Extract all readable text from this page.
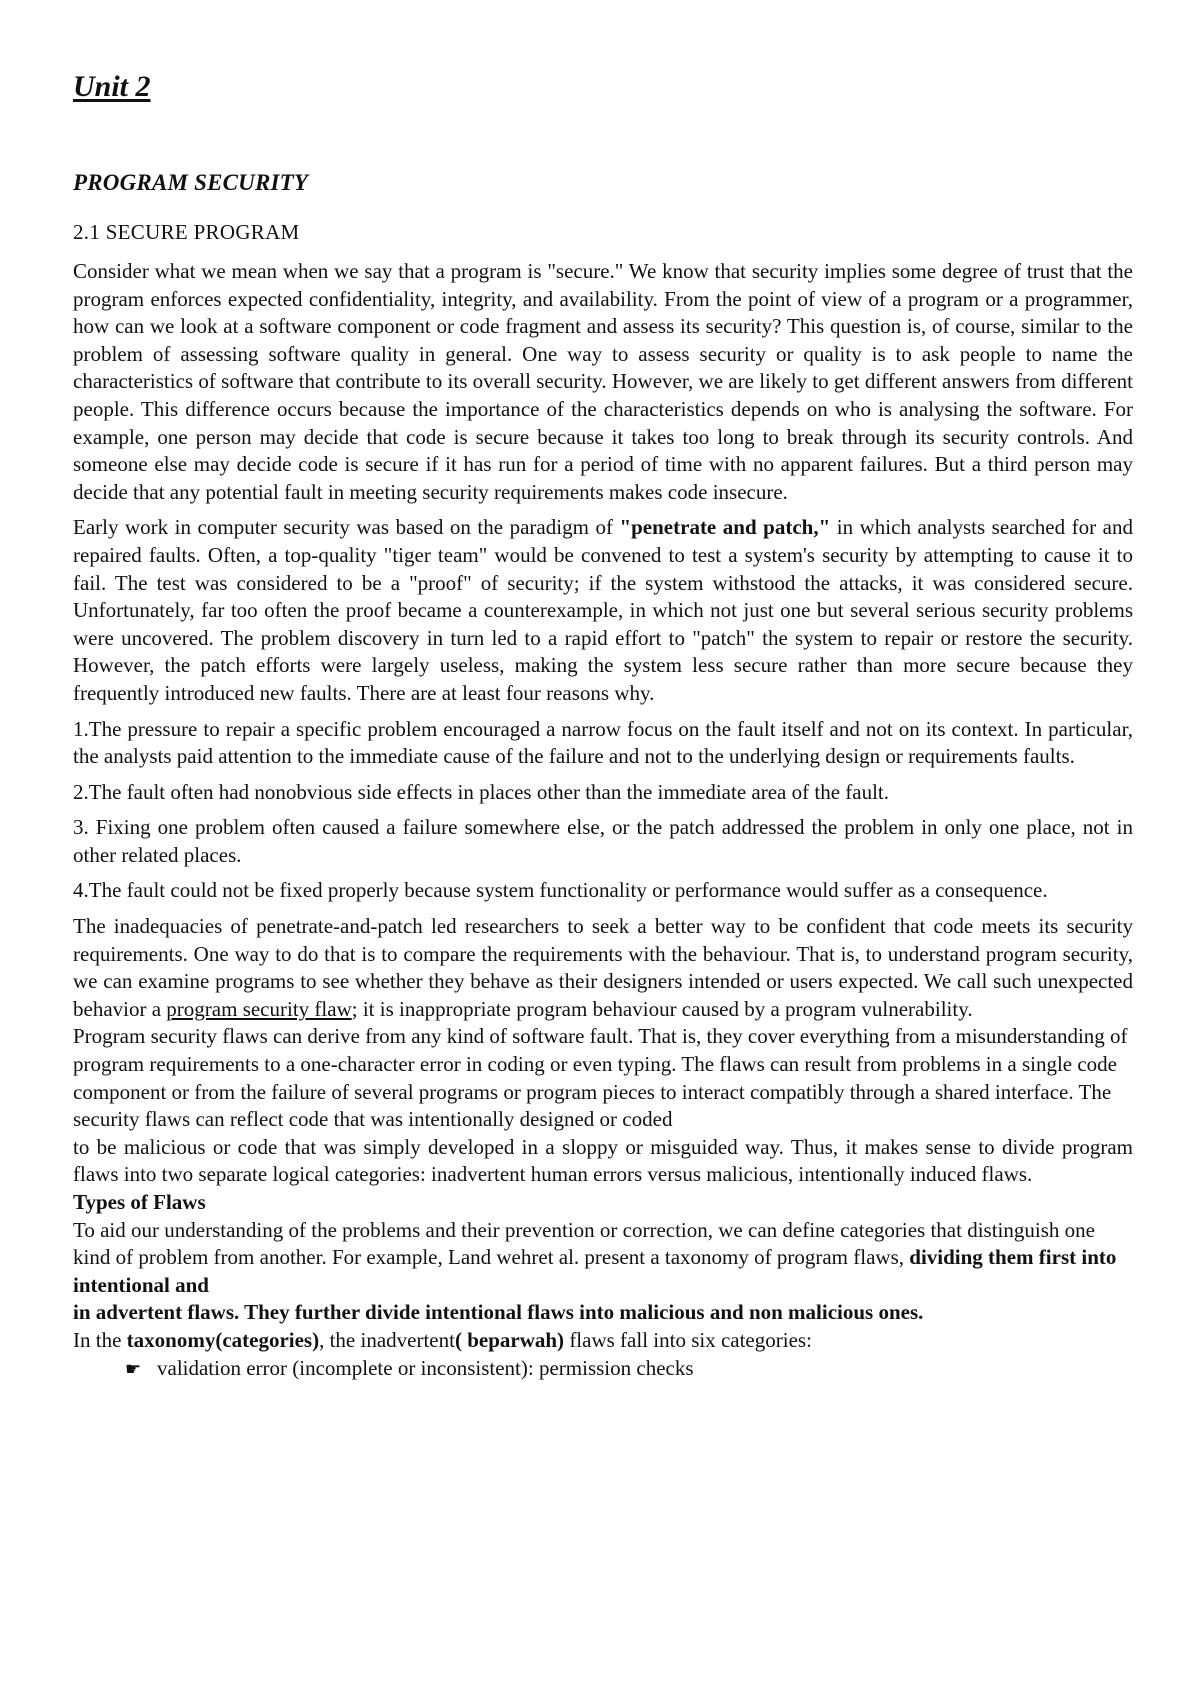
Unit 2
PROGRAM SECURITY
2.1 SECURE PROGRAM

Consider what we mean when we say that a program is "secure." We know that security implies some degree of trust that the program enforces expected confidentiality, integrity, and availability. From the point of view of a program or a programmer, how can we look at a software component or code fragment and assess its security? This question is, of course, similar to the problem of assessing software quality in general. One way to assess security or quality is to ask people to name the characteristics of software that contribute to its overall security. However, we are likely to get different answers from different people. This difference occurs because the importance of the characteristics depends on who is analysing the software. For example, one person may decide that code is secure because it takes too long to break through its security controls. And someone else may decide code is secure if it has run for a period of time with no apparent failures. But a third person may decide that any potential fault in meeting security requirements makes code insecure.

Early work in computer security was based on the paradigm of "penetrate and patch," in which analysts searched for and repaired faults. Often, a top-quality "tiger team" would be convened to test a system's security by attempting to cause it to fail. The test was considered to be a "proof" of security; if the system withstood the attacks, it was considered secure. Unfortunately, far too often the proof became a counterexample, in which not just one but several serious security problems were uncovered. The problem discovery in turn led to a rapid effort to "patch" the system to repair or restore the security. However, the patch efforts were largely useless, making the system less secure rather than more secure because they frequently introduced new faults. There are at least four reasons why.

1.The pressure to repair a specific problem encouraged a narrow focus on the fault itself and not on its context. In particular, the analysts paid attention to the immediate cause of the failure and not to the underlying design or requirements faults.

2.The fault often had nonobvious side effects in places other than the immediate area of the fault.

3. Fixing one problem often caused a failure somewhere else, or the patch addressed the problem in only one place, not in other related places.

4.The fault could not be fixed properly because system functionality or performance would suffer as a consequence.

The inadequacies of penetrate-and-patch led researchers to seek a better way to be confident that code meets its security requirements. One way to do that is to compare the requirements with the behaviour. That is, to understand program security, we can examine programs to see whether they behave as their designers intended or users expected. We call such unexpected behavior a program security flaw; it is inappropriate program behaviour caused by a program vulnerability.

Program security flaws can derive from any kind of software fault. That is, they cover everything from a misunderstanding of program requirements to a one-character error in coding or even typing. The flaws can result from problems in a single code component or from the failure of several programs or program pieces to interact compatibly through a shared interface. The security flaws can reflect code that was intentionally designed or coded

to be malicious or code that was simply developed in a sloppy or misguided way. Thus, it makes sense to divide program flaws into two separate logical categories: inadvertent human errors versus malicious, intentionally induced flaws.

Types of Flaws

To aid our understanding of the problems and their prevention or correction, we can define categories that distinguish one kind of problem from another. For example, Land wehret al. present a taxonomy of program flaws, dividing them first into intentional and

in advertent flaws. They further divide intentional flaws into malicious and non malicious ones.

In the taxonomy(categories), the inadvertent( beparwah) flaws fall into six categories:

☛ validation error (incomplete or inconsistent): permission checks
